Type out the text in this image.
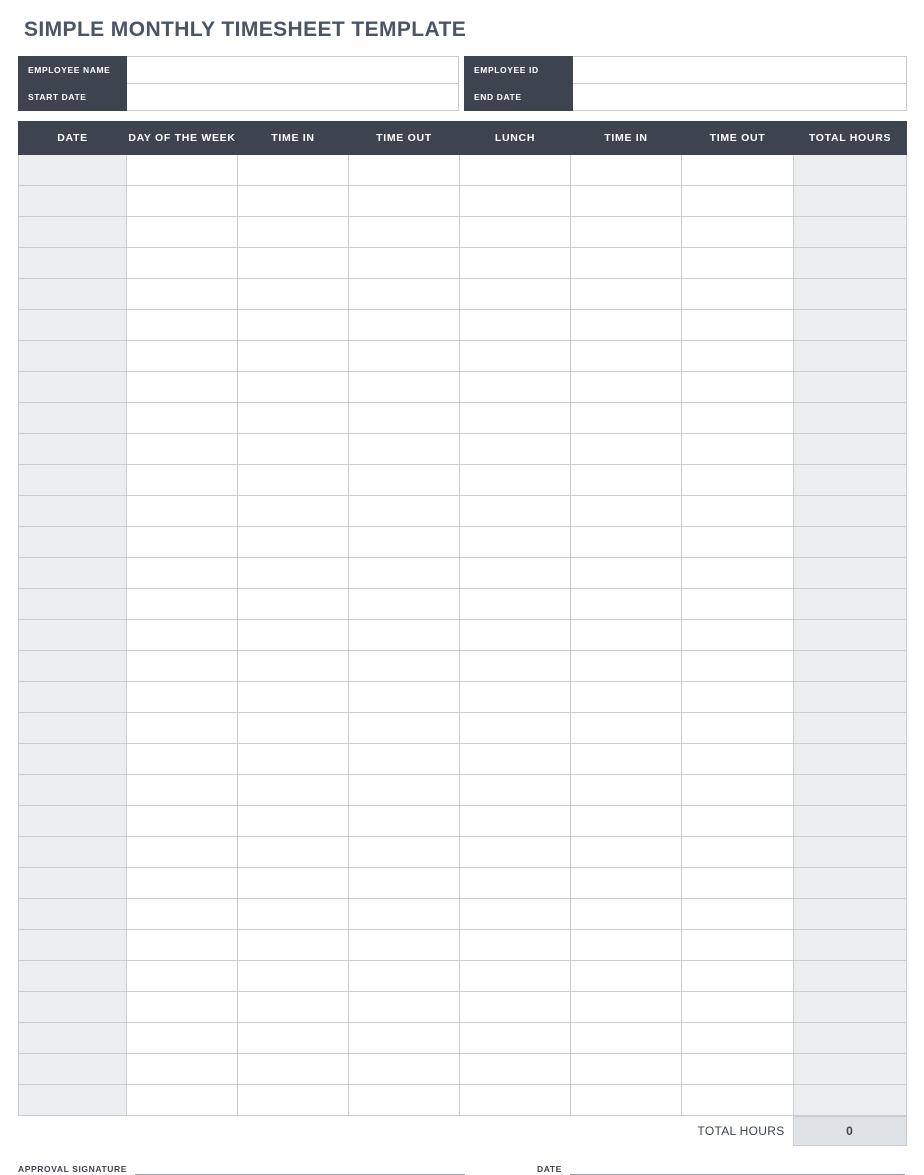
SIMPLE MONTHLY TIMESHEET TEMPLATE
EMPLOYEE NAME			EMPLOYEE ID	
START DATE			END DATE	
DATE	DAY OF THE WEEK	TIME IN	TIME OUT	LUNCH	TIME IN	TIME OUT	TOTAL HOURS

TOTAL HOURS	0
APPROVAL SIGNATURE	DATE
